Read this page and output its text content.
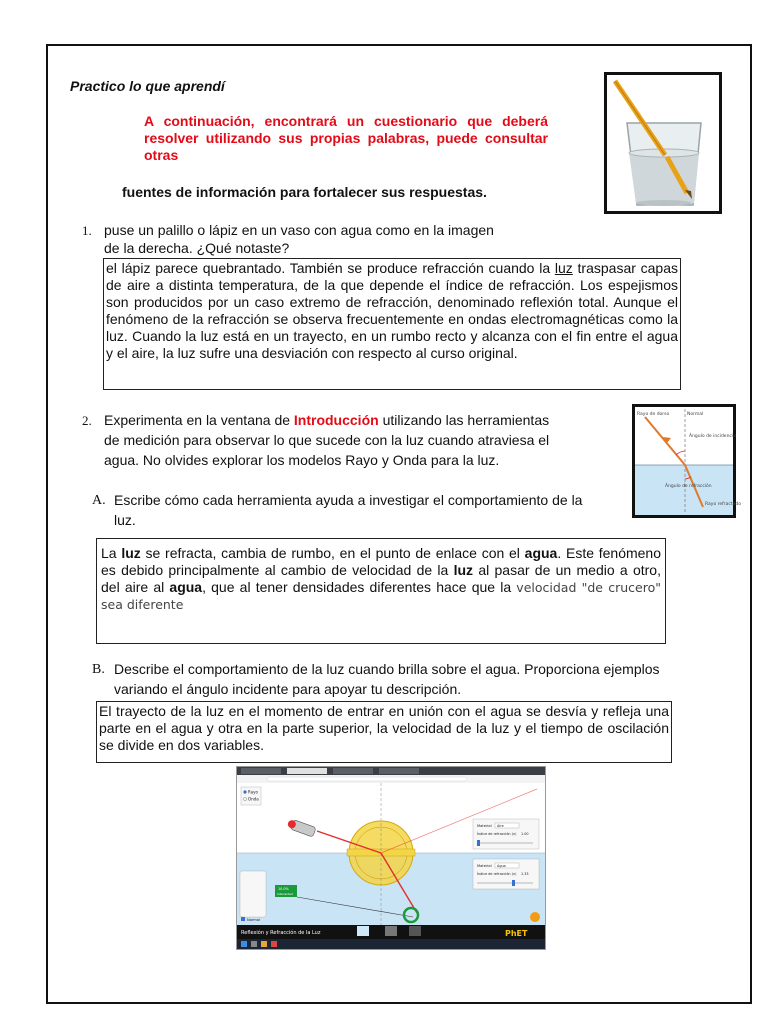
Practico lo que aprendí
A continuación, encontrará un cuestionario que deberá resolver utilizando sus propias palabras, puede consultar otras
fuentes de información para fortalecer sus respuestas.
1. puse un palillo o lápiz en un vaso con agua como en la imagen
de la derecha. ¿Qué notaste?
el lápiz parece quebrantado. También se produce refracción cuando la luz traspasar capas de aire a distinta temperatura, de la que depende el índice de refracción. Los espejismos son producidos por un caso extremo de refracción, denominado reflexión total. Aunque el fenómeno de la refracción se observa frecuentemente en ondas electromagnéticas como la luz. Cuando la luz está en un trayecto, en un rumbo recto y alcanza con el fin entre el agua y el aire, la luz sufre una desviación con respecto al curso original.
2. Experimenta en la ventana de Introducción utilizando las herramientas
de medición para observar lo que sucede con la luz cuando atraviesa el
agua. No olvides explorar los modelos Rayo y Onda para la luz.
Rayo de dorso	Normal
Ángulo de incidencia
Ángulo de refracción
Rayo refractado
A. Escribe cómo cada herramienta ayuda a investigar el comportamiento de la
luz.
La luz se refracta, cambia de rumbo, en el punto de enlace con el agua. Este fenómeno es debido principalmente al cambio de velocidad de la luz al pasar de un medio a otro, del aire al agua, que al tener densidades diferentes hace que la velocidad "de crucero" sea diferente
B. Describe el comportamiento de la luz cuando brilla sobre el agua. Proporciona ejemplos
variando el ángulo incidente para apoyar tu descripción.
El trayecto de la luz en el momento de entrar en unión con el agua se desvía y refleja una parte en el agua y otra en la parte superior, la velocidad de la luz y el tiempo de oscilación se divide en dos variables.
Rayo
Onda
Material Aire
Índice de refracción (n) 1.00
Material Agua
Índice de refracción (n) 1.33
10.0%
Intensidad
Normal
Reflexión y Refracción de la Luz	PhET
